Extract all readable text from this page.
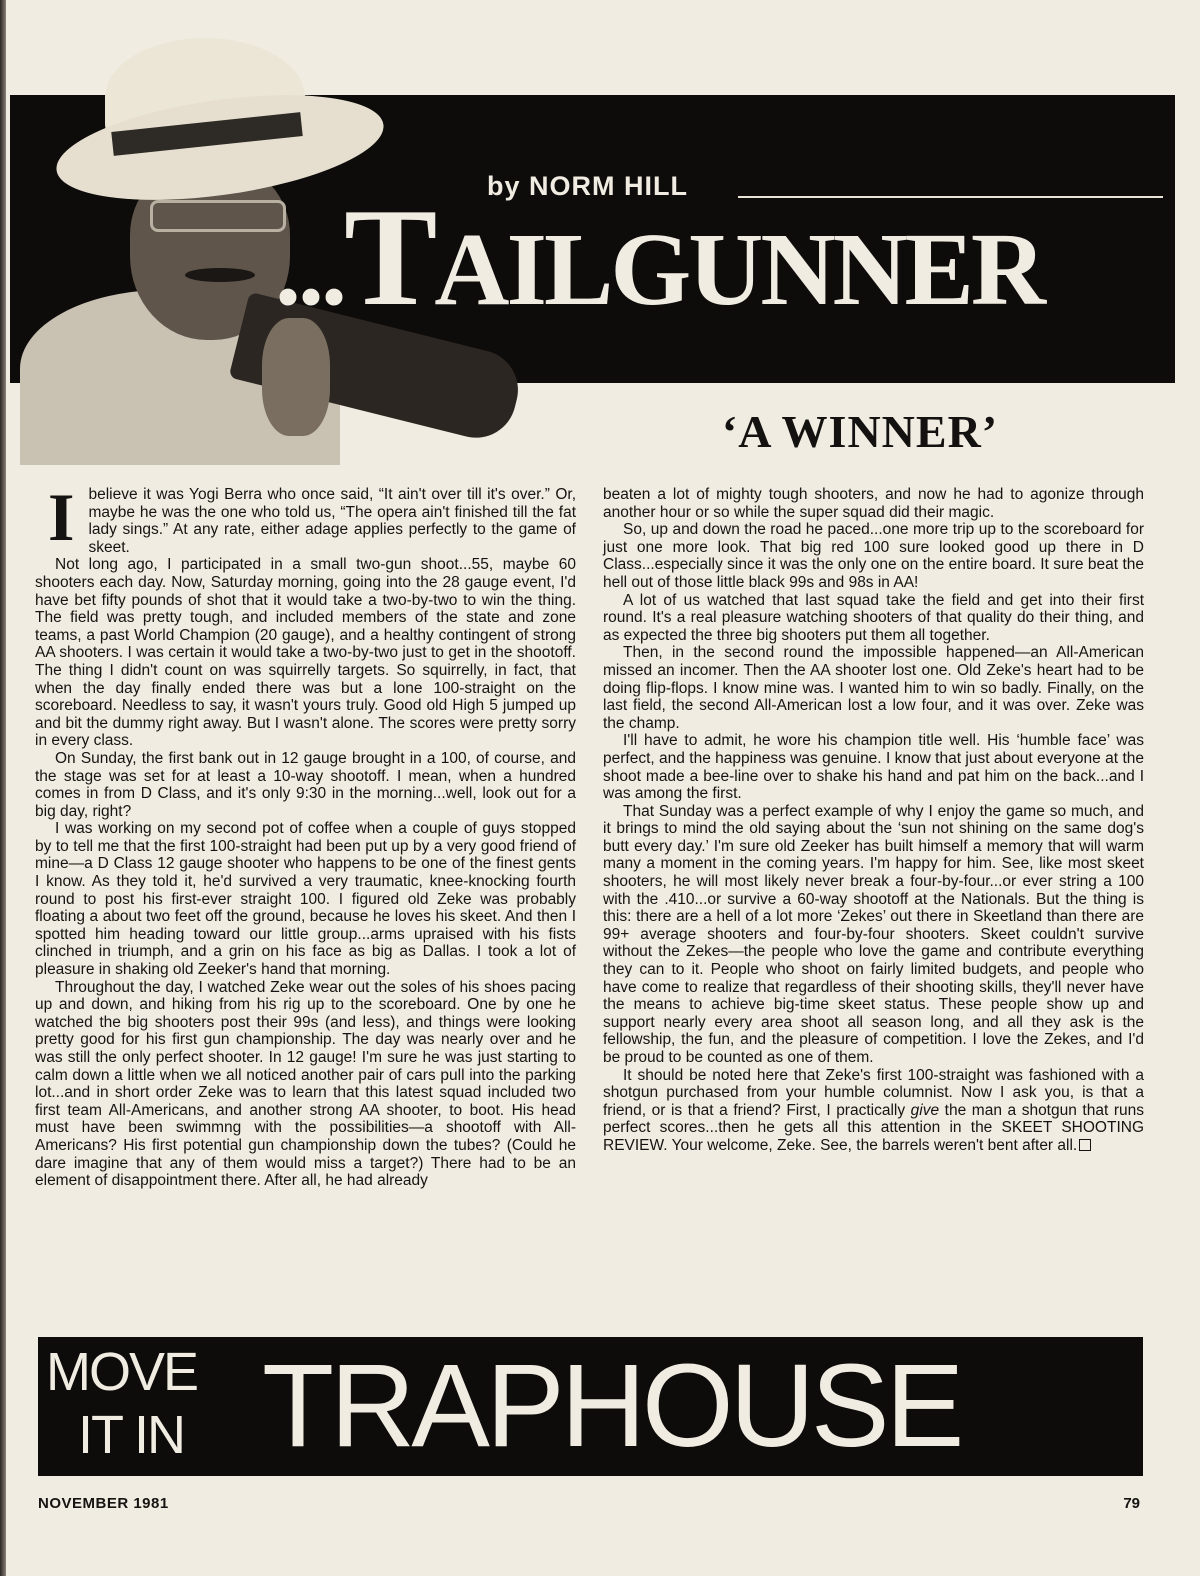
by NORM HILL

...TAILGUNNER
‘A WINNER’

Ibelieve it was Yogi Berra who once said, “It ain't over till it's over.” Or, maybe he was the one who told us, “The opera ain't finished till the fat lady sings.” At any rate, either adage applies perfectly to the game of skeet.

Not long ago, I participated in a small two-gun shoot...55, maybe 60 shooters each day. Now, Saturday morning, going into the 28 gauge event, I'd have bet fifty pounds of shot that it would take a two-by-two to win the thing. The field was pretty tough, and included members of the state and zone teams, a past World Champion (20 gauge), and a healthy contingent of strong AA shooters. I was certain it would take a two-by-two just to get in the shootoff. The thing I didn't count on was squirrelly targets. So squirrelly, in fact, that when the day finally ended there was but a lone 100-straight on the scoreboard. Needless to say, it wasn't yours truly. Good old High 5 jumped up and bit the dummy right away. But I wasn't alone. The scores were pretty sorry in every class.

On Sunday, the first bank out in 12 gauge brought in a 100, of course, and the stage was set for at least a 10-way shootoff. I mean, when a hundred comes in from D Class, and it's only 9:30 in the morning...well, look out for a big day, right?

I was working on my second pot of coffee when a couple of guys stopped by to tell me that the first 100-straight had been put up by a very good friend of mine—a D Class 12 gauge shooter who happens to be one of the finest gents I know. As they told it, he'd survived a very traumatic, knee-knocking fourth round to post his first-ever straight 100. I figured old Zeke was probably floating a about two feet off the ground, because he loves his skeet. And then I spotted him heading toward our little group...arms upraised with his fists clinched in triumph, and a grin on his face as big as Dallas. I took a lot of pleasure in shaking old Zeeker's hand that morning.

Throughout the day, I watched Zeke wear out the soles of his shoes pacing up and down, and hiking from his rig up to the scoreboard. One by one he watched the big shooters post their 99s (and less), and things were looking pretty good for his first gun championship. The day was nearly over and he was still the only perfect shooter. In 12 gauge! I'm sure he was just starting to calm down a little when we all noticed another pair of cars pull into the parking lot...and in short order Zeke was to learn that this latest squad included two first team All-Americans, and another strong AA shooter, to boot. His head must have been swimmng with the possibilities—a shootoff with All-Americans? His first potential gun championship down the tubes? (Could he dare imagine that any of them would miss a target?) There had to be an element of disappointment there. After all, he had already

beaten a lot of mighty tough shooters, and now he had to agonize through another hour or so while the super squad did their magic.

So, up and down the road he paced...one more trip up to the scoreboard for just one more look. That big red 100 sure looked good up there in D Class...especially since it was the only one on the entire board. It sure beat the hell out of those little black 99s and 98s in AA!

A lot of us watched that last squad take the field and get into their first round. It's a real pleasure watching shooters of that quality do their thing, and as expected the three big shooters put them all together.

Then, in the second round the impossible happened—an All-American missed an incomer. Then the AA shooter lost one. Old Zeke's heart had to be doing flip-flops. I know mine was. I wanted him to win so badly. Finally, on the last field, the second All-American lost a low four, and it was over. Zeke was the champ.

I'll have to admit, he wore his champion title well. His ‘humble face’ was perfect, and the happiness was genuine. I know that just about everyone at the shoot made a bee-line over to shake his hand and pat him on the back...and I was among the first.

That Sunday was a perfect example of why I enjoy the game so much, and it brings to mind the old saying about the ‘sun not shining on the same dog's butt every day.’ I'm sure old Zeeker has built himself a memory that will warm many a moment in the coming years. I'm happy for him. See, like most skeet shooters, he will most likely never break a four-by-four...or ever string a 100 with the .410...or survive a 60-way shootoff at the Nationals. But the thing is this: there are a hell of a lot more ‘Zekes’ out there in Skeetland than there are 99+ average shooters and four-by-four shooters. Skeet couldn't survive without the Zekes—the people who love the game and contribute everything they can to it. People who shoot on fairly limited budgets, and people who have come to realize that regardless of their shooting skills, they'll never have the means to achieve big-time skeet status. These people show up and support nearly every area shoot all season long, and all they ask is the fellowship, the fun, and the pleasure of competition. I love the Zekes, and I'd be proud to be counted as one of them.

It should be noted here that Zeke's first 100-straight was fashioned with a shotgun purchased from your humble columnist. Now I ask you, is that a friend, or is that a friend? First, I practically give the man a shotgun that runs perfect scores...then he gets all this attention in the SKEET SHOOTING REVIEW. Your welcome, Zeke. See, the barrels weren't bent after all.

MOVE

IT IN TRAPHOUSE

NOVEMBER 1981	79
